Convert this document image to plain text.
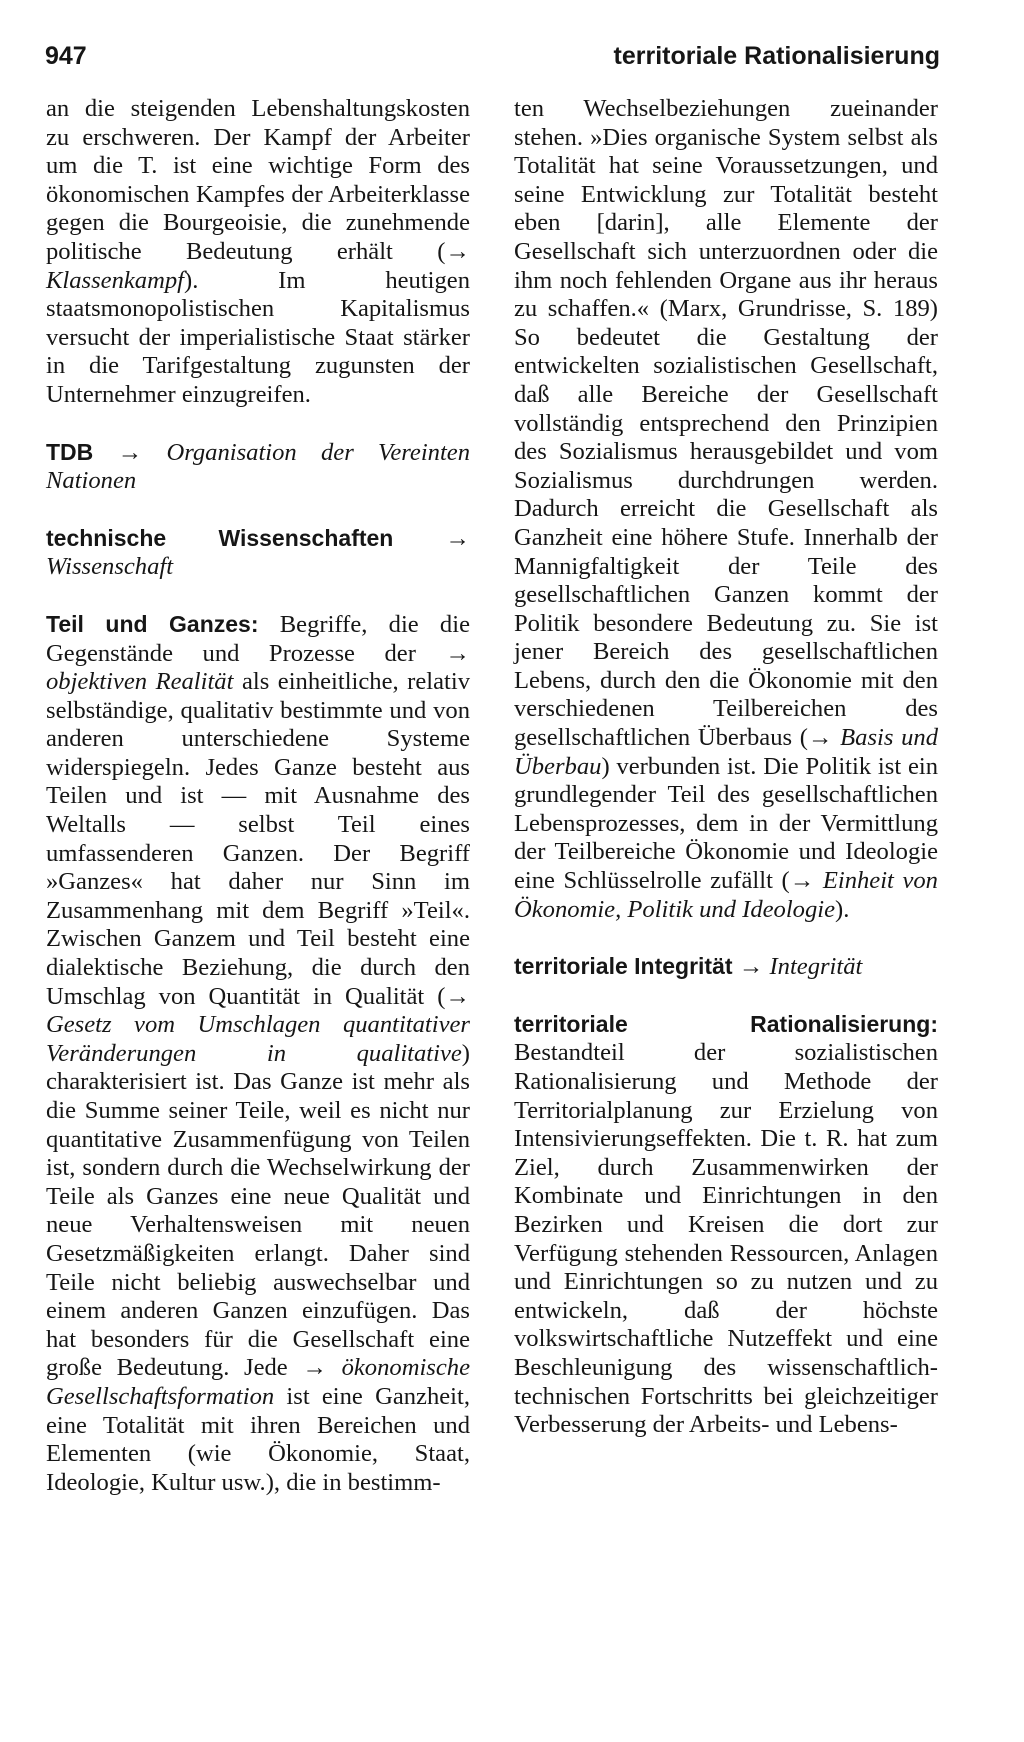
947	territoriale Rationalisierung

an die steigenden Lebenshaltungskosten zu erschweren. Der Kampf der Arbeiter um die T. ist eine wichtige Form des ökonomischen Kampfes der Arbeiterklasse gegen die Bourgeoisie, die zunehmende politische Bedeutung erhält (→ Klassenkampf). Im heutigen staatsmonopolistischen Kapitalismus versucht der imperialistische Staat stärker in die Tarifgestaltung zugunsten der Unternehmer einzugreifen.

TDB → Organisation der Vereinten Nationen

technische Wissenschaften → Wissenschaft

Teil und Ganzes: Begriffe, die die Gegenstände und Prozesse der → objektiven Realität als einheitliche, relativ selbständige, qualitativ bestimmte und von anderen unterschiedene Systeme widerspiegeln. Jedes Ganze besteht aus Teilen und ist — mit Ausnahme des Weltalls — selbst Teil eines umfassenderen Ganzen. Der Begriff »Ganzes« hat daher nur Sinn im Zusammenhang mit dem Begriff »Teil«. Zwischen Ganzem und Teil besteht eine dialektische Beziehung, die durch den Umschlag von Quantität in Qualität (→ Gesetz vom Umschlagen quantitativer Veränderungen in qualitative) charakterisiert ist. Das Ganze ist mehr als die Summe seiner Teile, weil es nicht nur quantitative Zusammenfügung von Teilen ist, sondern durch die Wechselwirkung der Teile als Ganzes eine neue Qualität und neue Verhaltensweisen mit neuen Gesetzmäßigkeiten erlangt. Daher sind Teile nicht beliebig auswechselbar und einem anderen Ganzen einzufügen. Das hat besonders für die Gesellschaft eine große Bedeutung. Jede → ökonomische Gesellschaftsformation ist eine Ganzheit, eine Totalität mit ihren Bereichen und Elementen (wie Ökonomie, Staat, Ideologie, Kultur usw.), die in bestimm-

ten Wechselbeziehungen zueinander stehen. »Dies organische System selbst als Totalität hat seine Voraussetzungen, und seine Entwicklung zur Totalität besteht eben [darin], alle Elemente der Gesellschaft sich unterzuordnen oder die ihm noch fehlenden Organe aus ihr heraus zu schaffen.« (Marx, Grundrisse, S. 189) So bedeutet die Gestaltung der entwickelten sozialistischen Gesellschaft, daß alle Bereiche der Gesellschaft vollständig entsprechend den Prinzipien des Sozialismus herausgebildet und vom Sozialismus durchdrungen werden. Dadurch erreicht die Gesellschaft als Ganzheit eine höhere Stufe. Innerhalb der Mannigfaltigkeit der Teile des gesellschaftlichen Ganzen kommt der Politik besondere Bedeutung zu. Sie ist jener Bereich des gesellschaftlichen Lebens, durch den die Ökonomie mit den verschiedenen Teilbereichen des gesellschaftlichen Überbaus (→ Basis und Überbau) verbunden ist. Die Politik ist ein grundlegender Teil des gesellschaftlichen Lebensprozesses, dem in der Vermittlung der Teilbereiche Ökonomie und Ideologie eine Schlüsselrolle zufällt (→ Einheit von Ökonomie, Politik und Ideologie).

territoriale Integrität → Integrität

territoriale Rationalisierung: Bestandteil der sozialistischen Rationalisierung und Methode der Territorialplanung zur Erzielung von Intensivierungseffekten. Die t. R. hat zum Ziel, durch Zusammenwirken der Kombinate und Einrichtungen in den Bezirken und Kreisen die dort zur Verfügung stehenden Ressourcen, Anlagen und Einrichtungen so zu nutzen und zu entwickeln, daß der höchste volkswirtschaftliche Nutzeffekt und eine Beschleunigung des wissenschaftlich-technischen Fortschritts bei gleichzeitiger Verbesserung der Arbeits- und Lebens-
